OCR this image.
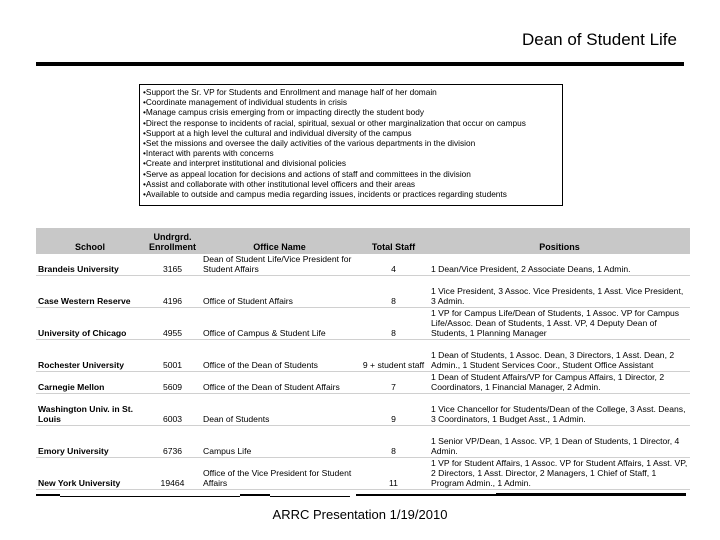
Dean of Student Life
•Support the Sr. VP for Students and Enrollment and manage half of her domain
•Coordinate management of individual students in crisis
•Manage campus crisis emerging from or impacting directly the student body
•Direct the response to incidents of racial, spiritual, sexual or other marginalization that occur on campus
•Support at a high level the cultural and individual diversity of the campus
•Set the missions and oversee the daily activities of the various departments in the division
•Interact with parents with concerns
•Create and interpret institutional and divisional policies
•Serve as appeal location for decisions and actions of staff and committees in the division
•Assist and collaborate with other institutional level officers and their areas
•Available to outside and campus media regarding issues, incidents or practices regarding students
School	Undrgrd. Enrollment	Office Name	Total Staff	Positions
Brandeis University	3165	Dean of Student Life/Vice President for Student Affairs	4	1 Dean/Vice President, 2 Associate Deans, 1 Admin.
Case Western Reserve	4196	Office of Student Affairs	8	1 Vice President, 3 Assoc. Vice Presidents, 1 Asst. Vice President, 3 Admin.
University of Chicago	4955	Office of Campus & Student Life	8	1 VP for Campus Life/Dean of Students, 1 Assoc. VP for Campus Life/Assoc. Dean of Students, 1 Asst. VP, 4 Deputy Dean of Students, 1 Planning Manager
Rochester University	5001	Office of the Dean of Students	9 + student staff	1 Dean of Students, 1 Assoc. Dean, 3 Directors, 1 Asst. Dean, 2 Admin., 1 Student Services Coor., Student Office Assistant
Carnegie Mellon	5609	Office of the Dean of Student Affairs	7	1 Dean of Student Affairs/VP for Campus Affairs, 1 Director, 2 Coordinators, 1 Financial Manager, 2 Admin.
Washington Univ. in St. Louis	6003	Dean of Students	9	1 Vice Chancellor for Students/Dean of the College, 3 Asst. Deans, 3 Coordinators, 1 Budget Asst., 1 Admin.
Emory University	6736	Campus Life	8	1 Senior VP/Dean, 1 Assoc. VP, 1 Dean of Students, 1 Director, 4 Admin.
New York University	19464	Office of the Vice President for Student Affairs	11	1 VP for Student Affairs, 1 Assoc. VP for Student Affairs, 1 Asst. VP, 2 Directors, 1 Asst. Director, 2 Managers, 1 Chief of Staff, 1 Program Admin., 1 Admin.
ARRC Presentation 1/19/2010
